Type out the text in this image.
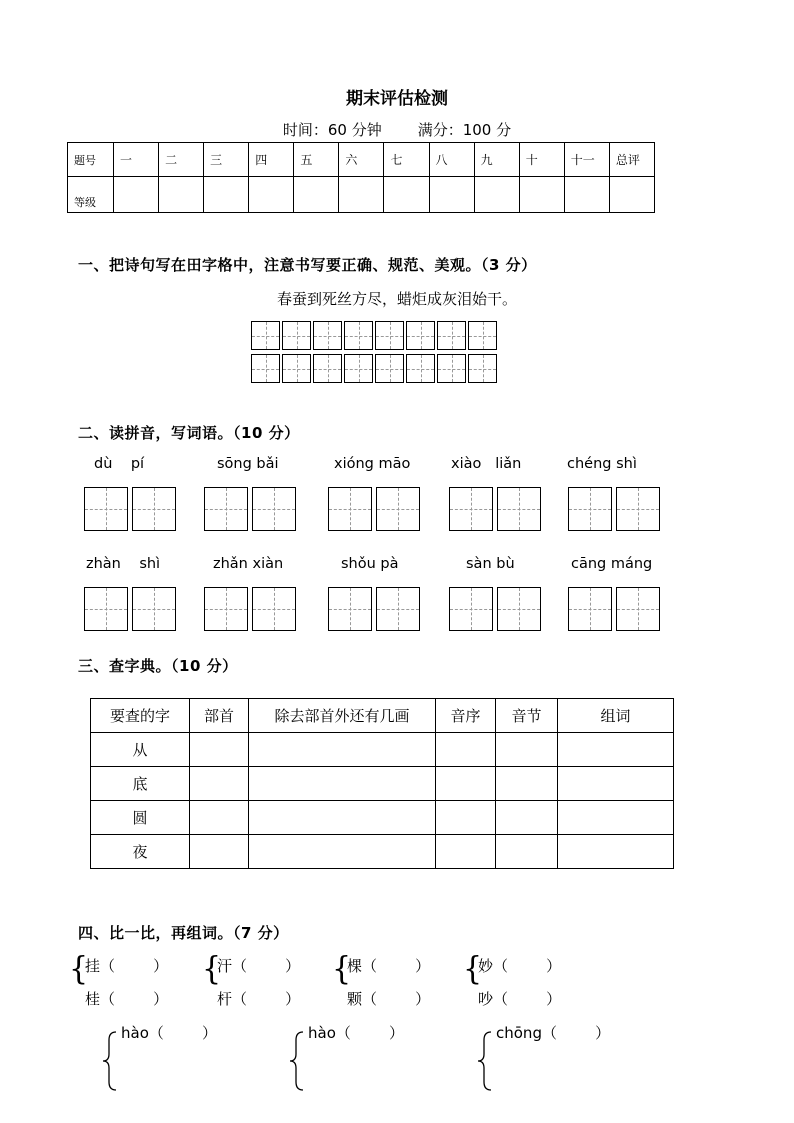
期末评估检测
时间：60 分钟 满分：100 分
题号	一	二	三	四	五	六	七	八	九	十	十一	总评
等级												
一、把诗句写在田字格中，注意书写要正确、规范、美观。（3 分）
春蚕到死丝方尽，蜡炬成灰泪始干。
二、读拼音，写词语。（10 分）
dù    pí	sōng bǎi	xióng māo	xiào   liǎn	chéng shì
zhàn    shì	zhǎn xiàn	shǒu pà	sàn bù	cāng máng
三、查字典。（10 分）
要查的字	部首	除去部首外还有几画	音序	音节	组词
从					
底					
圆					
夜					
四、比一比，再组词。（7 分）
{
挂（        ）
桂（        ）
{
汗（        ）
杆（        ）
{
棵（        ）
颗（        ）
{
妙（        ）
吵（        ）
hào（        ）	hào（        ）	chōng（        ）
